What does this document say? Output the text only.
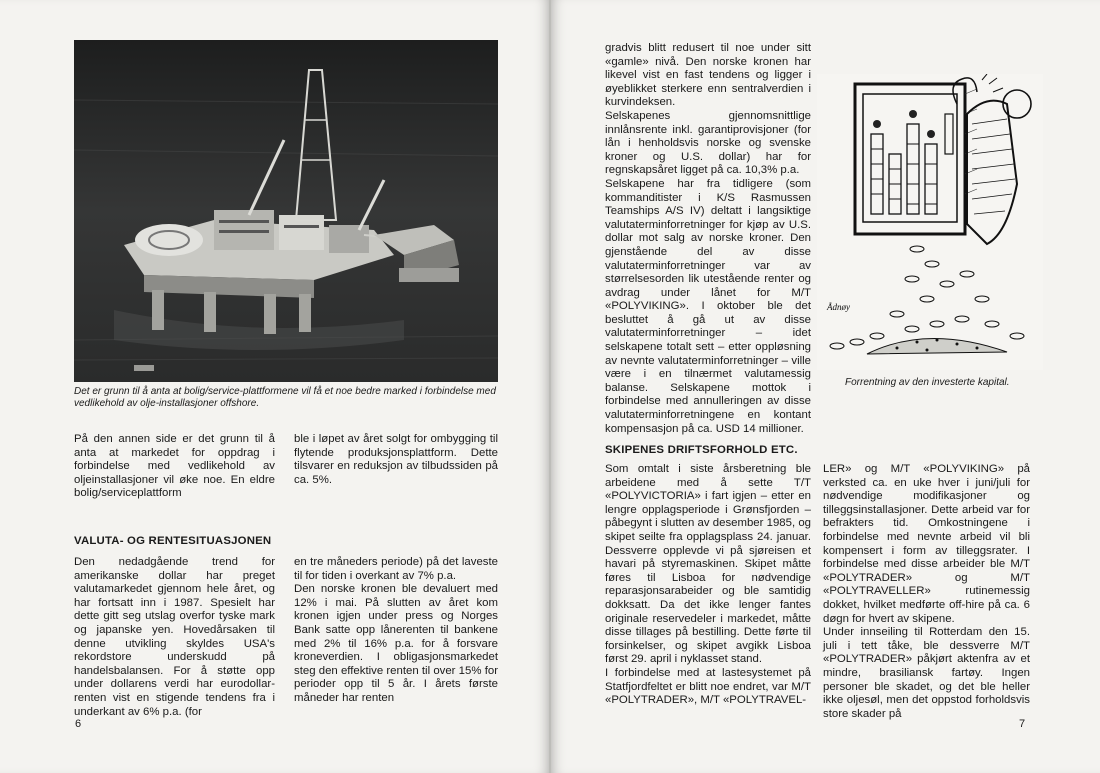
Det er grunn til å anta at bolig/service-plattformene vil få et noe bedre marked i forbindelse med vedlikehold av olje-installasjoner offshore.
På den annen side er det grunn til å anta at markedet for oppdrag i forbindelse med vedlikehold av oljeinstallasjoner vil øke noe. En eldre bolig/serviceplattform
ble i løpet av året solgt for ombygging til flytende produksjonsplattform. Dette tilsvarer en reduksjon av tilbudssiden på ca. 5%.
VALUTA- OG RENTESITUASJONEN
Den nedadgående trend for amerikanske dollar har preget valutamarkedet gjennom hele året, og har fortsatt inn i 1987. Spesielt har dette gitt seg utslag overfor tyske mark og japanske yen. Hovedårsaken til denne utvikling skyldes USA's rekordstore underskudd på handelsbalansen. For å støtte opp under dollarens verdi har eurodollar-renten vist en stigende tendens fra i underkant av 6% p.a. (for

en tre måneders periode) på det laveste til for tiden i overkant av 7% p.a.

Den norske kronen ble devaluert med 12% i mai. På slutten av året kom kronen igjen under press og Norges Bank satte opp lånerenten til bankene med 2% til 16% p.a. for å forsvare kroneverdien. I obligasjonsmarkedet steg den effektive renten til over 15% for perioder opp til 5 år. I årets første måneder har renten

6

gradvis blitt redusert til noe under sitt «gamle» nivå. Den norske kronen har likevel vist en fast tendens og ligger i øyeblikket sterkere enn sentralverdien i kurvindeksen.

Selskapenes gjennomsnittlige innlånsrente inkl. garantiprovisjoner (for lån i henholdsvis norske og svenske kroner og U.S. dollar) har for regnskapsåret ligget på ca. 10,3% p.a.

Selskapene har fra tidligere (som kommanditister i K/S Rasmussen Teamships A/S IV) deltatt i langsiktige valutaterminforretninger for kjøp av U.S. dollar mot salg av norske kroner. Den gjenstående del av disse valutaterminforretninger var av størrelsesorden lik utestående renter og avdrag under lånet for M/T «POLYVIKING». I oktober ble det besluttet å gå ut av disse valutaterminforretninger – idet selskapene totalt sett – etter oppløsning av nevnte valutaterminforretninger – ville være i en tilnærmet valutamessig balanse. Selskapene mottok i forbindelse med annulleringen av disse valutaterminforretningene en kontant kompensasjon på ca. USD 14 millioner.

Ådnøy
Forrentning av den investerte kapital.
SKIPENES DRIFTSFORHOLD ETC.

Som omtalt i siste årsberetning ble arbeidene med å sette T/T «POLYVICTORIA» i fart igjen – etter en lengre opplagsperiode i Grønsfjorden – påbegynt i slutten av desember 1985, og skipet seilte fra opplagsplass 24. januar. Dessverre opplevde vi på sjøreisen et havari på styremaskinen. Skipet måtte føres til Lisboa for nødvendige reparasjonsarabeider og ble samtidig dokksatt. Da det ikke lenger fantes originale reservedeler i markedet, måtte disse tillages på bestilling. Dette førte til forsinkelser, og skipet avgikk Lisboa først 29. april i nyklasset stand.

I forbindelse med at lastesystemet på Statfjordfeltet er blitt noe endret, var M/T «POLYTRADER», M/T «POLYTRAVEL-

LER» og M/T «POLYVIKING» på verksted ca. en uke hver i juni/juli for nødvendige modifikasjoner og tilleggsinstallasjoner. Dette arbeid var for befrakters tid. Omkostningene i forbindelse med nevnte arbeid vil bli kompensert i form av tilleggsrater. I forbindelse med disse arbeider ble M/T «POLYTRADER» og M/T «POLYTRAVELLER» rutinemessig dokket, hvilket medførte off-hire på ca. 6 døgn for hvert av skipene.

Under innseiling til Rotterdam den 15. juli i tett tåke, ble dessverre M/T «POLYTRADER» påkjørt aktenfra av et mindre, brasiliansk fartøy. Ingen personer ble skadet, og det ble heller ikke oljesøl, men det oppstod forholdsvis store skader på

7
